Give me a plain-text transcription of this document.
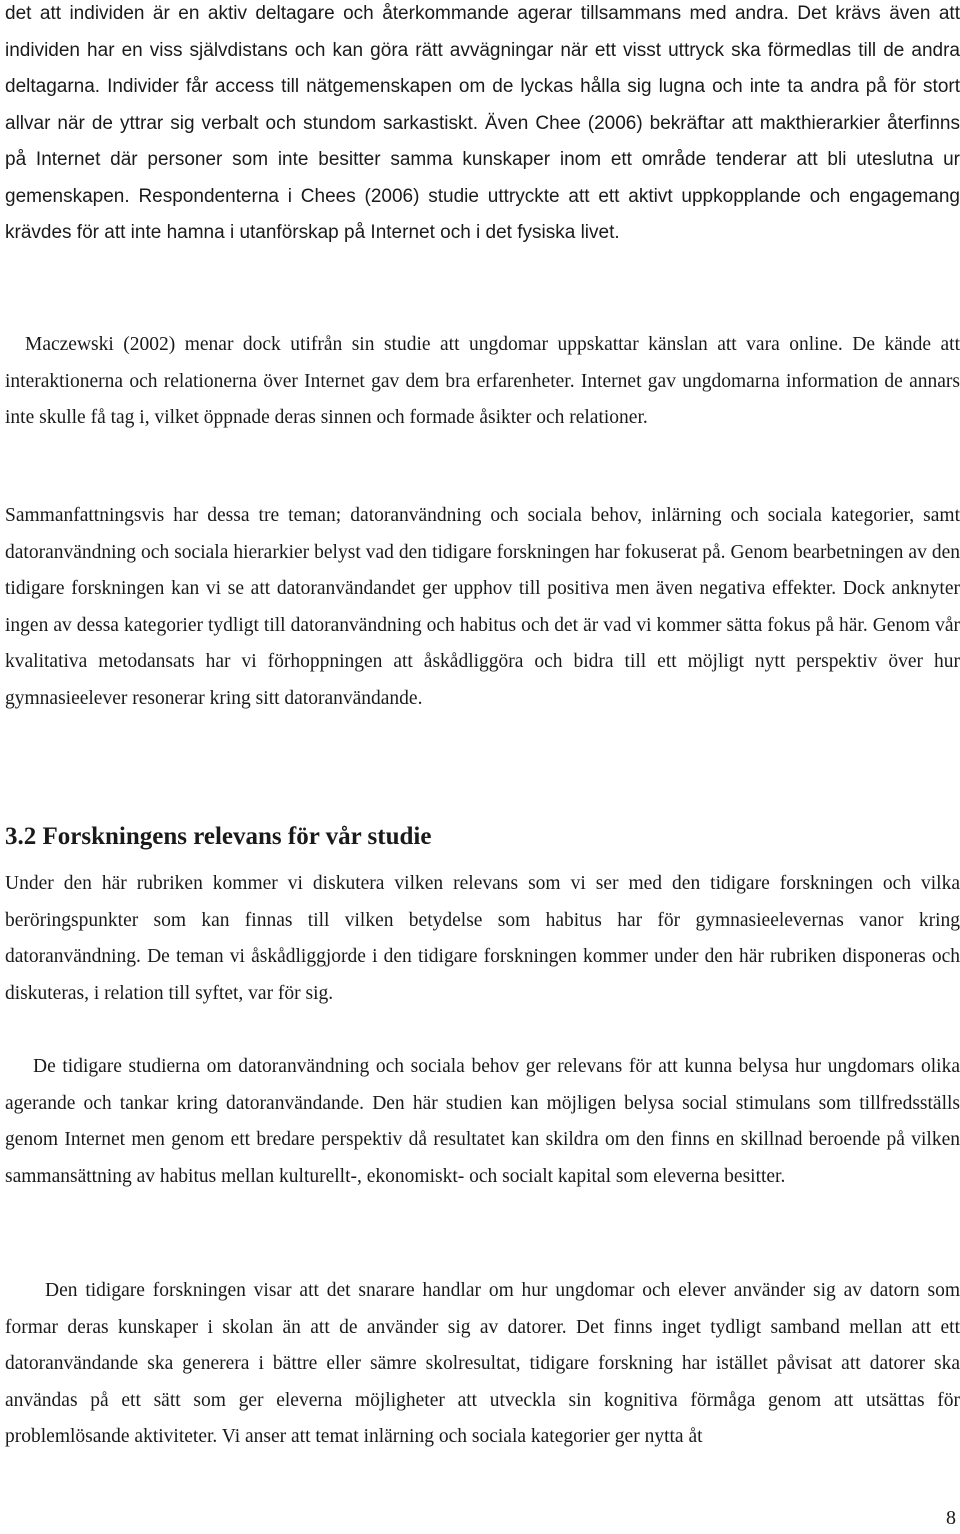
det att individen är en aktiv deltagare och återkommande agerar tillsammans med andra. Det krävs även att individen har en viss självdistans och kan göra rätt avvägningar när ett visst uttryck ska förmedlas till de andra deltagarna. Individer får access till nätgemenskapen om de lyckas hålla sig lugna och inte ta andra på för stort allvar när de yttrar sig verbalt och stundom sarkastiskt. Även Chee (2006) bekräftar att makthierarkier återfinns på Internet där personer som inte besitter samma kunskaper inom ett område tenderar att bli uteslutna ur gemenskapen. Respondenterna i Chees (2006) studie uttryckte att ett aktivt uppkopplande och engagemang krävdes för att inte hamna i utanförskap på Internet och i det fysiska livet.

Maczewski (2002) menar dock utifrån sin studie att ungdomar uppskattar känslan att vara online. De kände att interaktionerna och relationerna över Internet gav dem bra erfarenheter. Internet gav ungdomarna information de annars inte skulle få tag i, vilket öppnade deras sinnen och formade åsikter och relationer.

Sammanfattningsvis har dessa tre teman; datoranvändning och sociala behov, inlärning och sociala kategorier, samt datoranvändning och sociala hierarkier belyst vad den tidigare forskningen har fokuserat på. Genom bearbetningen av den tidigare forskningen kan vi se att datoranvändandet ger upphov till positiva men även negativa effekter. Dock anknyter ingen av dessa kategorier tydligt till datoranvändning och habitus och det är vad vi kommer sätta fokus på här. Genom vår kvalitativa metodansats har vi förhoppningen att åskådliggöra och bidra till ett möjligt nytt perspektiv över hur gymnasieelever resonerar kring sitt datoranvändande.

3.2 Forskningens relevans för vår studie

Under den här rubriken kommer vi diskutera vilken relevans som vi ser med den tidigare forskningen och vilka beröringspunkter som kan finnas till vilken betydelse som habitus har för gymnasieelevernas vanor kring datoranvändning. De teman vi åskådliggjorde i den tidigare forskningen kommer under den här rubriken disponeras och diskuteras, i relation till syftet, var för sig.

De tidigare studierna om datoranvändning och sociala behov ger relevans för att kunna belysa hur ungdomars olika agerande och tankar kring datoranvändande. Den här studien kan möjligen belysa social stimulans som tillfredsställs genom Internet men genom ett bredare perspektiv då resultatet kan skildra om den finns en skillnad beroende på vilken sammansättning av habitus mellan kulturellt-, ekonomiskt- och socialt kapital som eleverna besitter.

Den tidigare forskningen visar att det snarare handlar om hur ungdomar och elever använder sig av datorn som formar deras kunskaper i skolan än att de använder sig av datorer. Det finns inget tydligt samband mellan att ett datoranvändande ska generera i bättre eller sämre skolresultat, tidigare forskning har istället påvisat att datorer ska användas på ett sätt som ger eleverna möjligheter att utveckla sin kognitiva förmåga genom att utsättas för problemlösande aktiviteter. Vi anser att temat inlärning och sociala kategorier ger nytta åt

8
